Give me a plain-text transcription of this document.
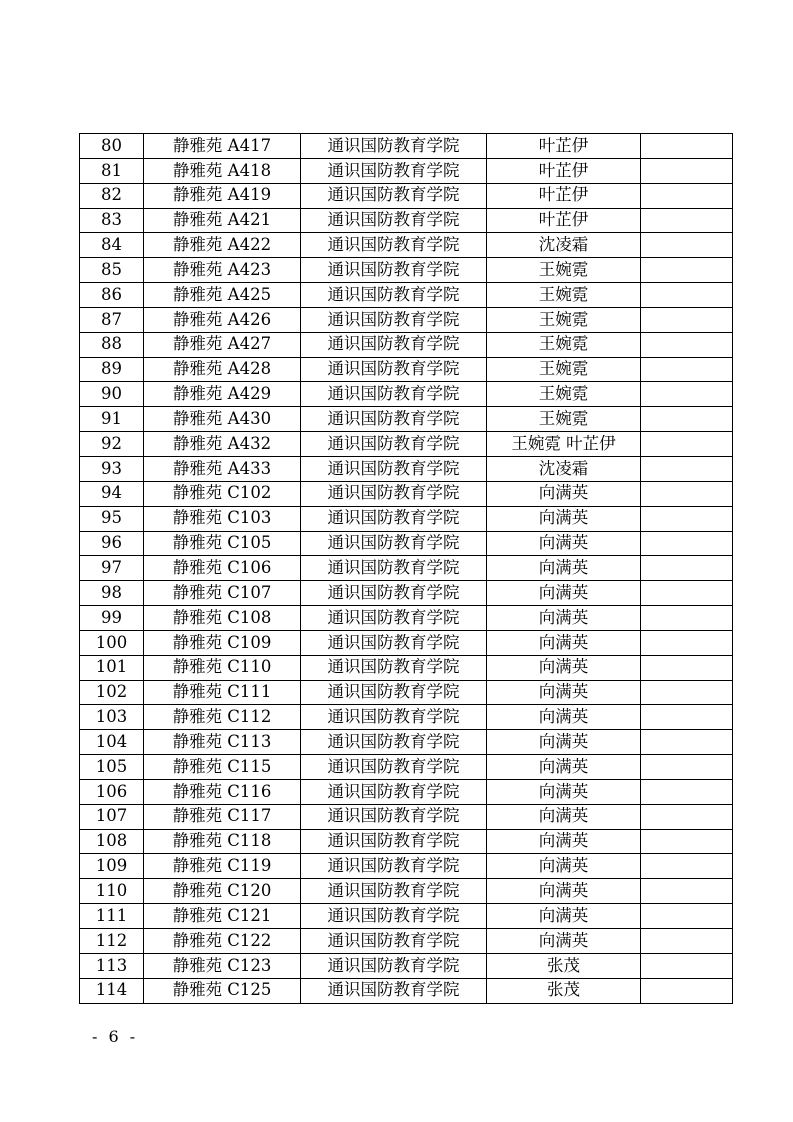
80	静雅苑 A417	通识国防教育学院	叶芷伊	
81	静雅苑 A418	通识国防教育学院	叶芷伊	
82	静雅苑 A419	通识国防教育学院	叶芷伊	
83	静雅苑 A421	通识国防教育学院	叶芷伊	
84	静雅苑 A422	通识国防教育学院	沈凌霜	
85	静雅苑 A423	通识国防教育学院	王婉霓	
86	静雅苑 A425	通识国防教育学院	王婉霓	
87	静雅苑 A426	通识国防教育学院	王婉霓	
88	静雅苑 A427	通识国防教育学院	王婉霓	
89	静雅苑 A428	通识国防教育学院	王婉霓	
90	静雅苑 A429	通识国防教育学院	王婉霓	
91	静雅苑 A430	通识国防教育学院	王婉霓	
92	静雅苑 A432	通识国防教育学院	王婉霓 叶芷伊	
93	静雅苑 A433	通识国防教育学院	沈凌霜	
94	静雅苑 C102	通识国防教育学院	向满英	
95	静雅苑 C103	通识国防教育学院	向满英	
96	静雅苑 C105	通识国防教育学院	向满英	
97	静雅苑 C106	通识国防教育学院	向满英	
98	静雅苑 C107	通识国防教育学院	向满英	
99	静雅苑 C108	通识国防教育学院	向满英	
100	静雅苑 C109	通识国防教育学院	向满英	
101	静雅苑 C110	通识国防教育学院	向满英	
102	静雅苑 C111	通识国防教育学院	向满英	
103	静雅苑 C112	通识国防教育学院	向满英	
104	静雅苑 C113	通识国防教育学院	向满英	
105	静雅苑 C115	通识国防教育学院	向满英	
106	静雅苑 C116	通识国防教育学院	向满英	
107	静雅苑 C117	通识国防教育学院	向满英	
108	静雅苑 C118	通识国防教育学院	向满英	
109	静雅苑 C119	通识国防教育学院	向满英	
110	静雅苑 C120	通识国防教育学院	向满英	
111	静雅苑 C121	通识国防教育学院	向满英	
112	静雅苑 C122	通识国防教育学院	向满英	
113	静雅苑 C123	通识国防教育学院	张茂	
114	静雅苑 C125	通识国防教育学院	张茂	
- 6 -
